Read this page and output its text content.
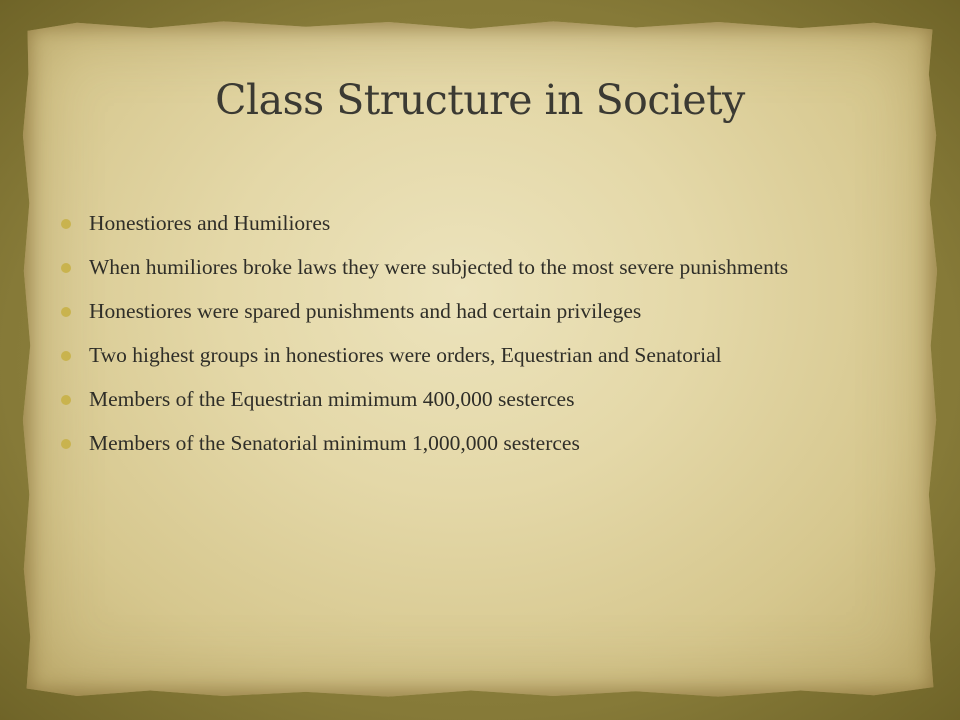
Class Structure in Society
Honestiores and Humiliores
When humiliores broke laws they were subjected to the most severe punishments
Honestiores were spared punishments and had certain privileges
Two highest groups in honestiores were orders, Equestrian and Senatorial
Members of the Equestrian mimimum 400,000 sesterces
Members of the Senatorial minimum 1,000,000 sesterces
